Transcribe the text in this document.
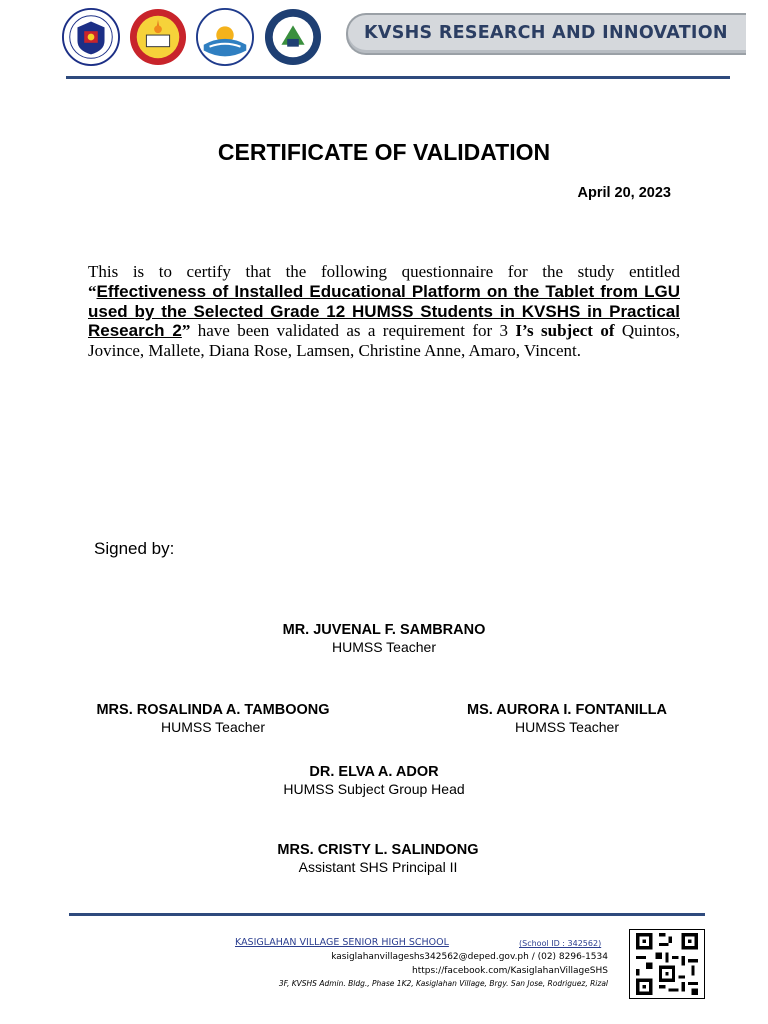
KVSHS RESEARCH AND INNOVATION
CERTIFICATE OF VALIDATION
April 20, 2023
This is to certify that the following questionnaire for the study entitled “Effectiveness of Installed Educational Platform on the Tablet from LGU used by the Selected Grade 12 HUMSS Students in KVSHS in Practical Research 2” have been validated as a requirement for 3 I’s subject of Quintos, Jovince, Mallete, Diana Rose, Lamsen, Christine Anne, Amaro, Vincent.
Signed by:
MR. JUVENAL F. SAMBRANO
HUMSS Teacher
MRS. ROSALINDA A. TAMBOONG
HUMSS Teacher
MS. AURORA I. FONTANILLA
HUMSS Teacher
DR. ELVA A. ADOR
HUMSS Subject Group Head
MRS. CRISTY L. SALINDONG
Assistant SHS Principal II
KASIGLAHAN VILLAGE SENIOR HIGH SCHOOL	(School ID : 342562)
kasiglahanvillageshs342562@deped.gov.ph / (02) 8296-1534
https://facebook.com/KasiglahanVillageSHS
3F, KVSHS Admin. Bldg., Phase 1K2, Kasiglahan Village, Brgy. San Jose, Rodriguez, Rizal
